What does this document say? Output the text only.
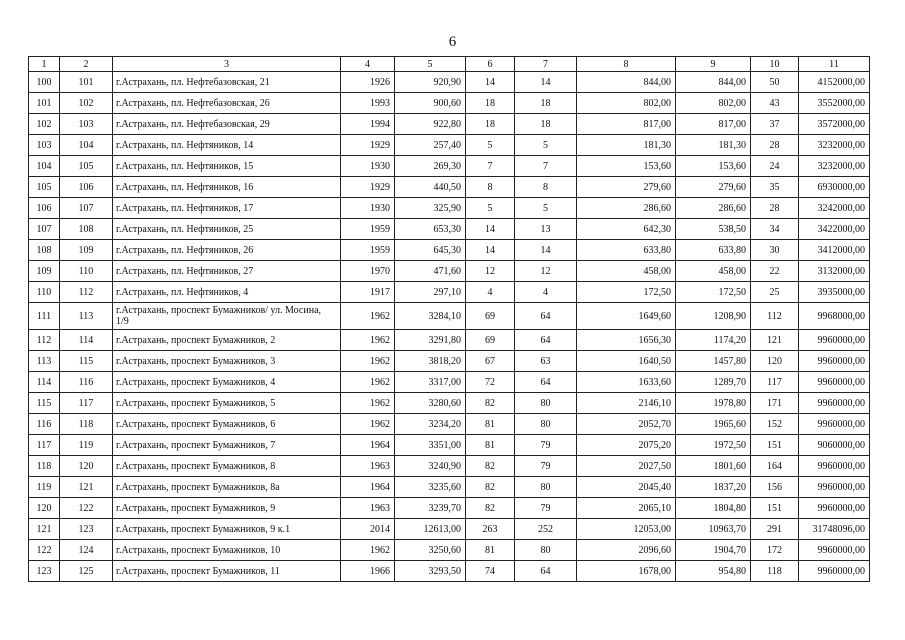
6
1	2	3	4	5	6	7	8	9	10	11
100	101	г.Астрахань, пл. Нефтебазовская, 21	1926	920,90	14	14	844,00	844,00	50	4152000,00
101	102	г.Астрахань, пл. Нефтебазовская, 26	1993	900,60	18	18	802,00	802,00	43	3552000,00
102	103	г.Астрахань, пл. Нефтебазовская, 29	1994	922,80	18	18	817,00	817,00	37	3572000,00
103	104	г.Астрахань, пл. Нефтяников, 14	1929	257,40	5	5	181,30	181,30	28	3232000,00
104	105	г.Астрахань, пл. Нефтяников, 15	1930	269,30	7	7	153,60	153,60	24	3232000,00
105	106	г.Астрахань, пл. Нефтяников, 16	1929	440,50	8	8	279,60	279,60	35	6930000,00
106	107	г.Астрахань, пл. Нефтяников, 17	1930	325,90	5	5	286,60	286,60	28	3242000,00
107	108	г.Астрахань, пл. Нефтяников, 25	1959	653,30	14	13	642,30	538,50	34	3422000,00
108	109	г.Астрахань, пл. Нефтяников, 26	1959	645,30	14	14	633,80	633,80	30	3412000,00
109	110	г.Астрахань, пл. Нефтяников, 27	1970	471,60	12	12	458,00	458,00	22	3132000,00
110	112	г.Астрахань, пл. Нефтяников, 4	1917	297,10	4	4	172,50	172,50	25	3935000,00
111	113	г.Астрахань, проспект Бумажников/ ул. Мосина, 1/9	1962	3284,10	69	64	1649,60	1208,90	112	9968000,00
112	114	г.Астрахань, проспект Бумажников, 2	1962	3291,80	69	64	1656,30	1174,20	121	9960000,00
113	115	г.Астрахань, проспект Бумажников, 3	1962	3818,20	67	63	1640,50	1457,80	120	9960000,00
114	116	г.Астрахань, проспект Бумажников, 4	1962	3317,00	72	64	1633,60	1289,70	117	9960000,00
115	117	г.Астрахань, проспект Бумажников, 5	1962	3280,60	82	80	2146,10	1978,80	171	9960000,00
116	118	г.Астрахань, проспект Бумажников, 6	1962	3234,20	81	80	2052,70	1965,60	152	9960000,00
117	119	г.Астрахань, проспект Бумажников, 7	1964	3351,00	81	79	2075,20	1972,50	151	9060000,00
118	120	г.Астрахань, проспект Бумажников, 8	1963	3240,90	82	79	2027,50	1801,60	164	9960000,00
119	121	г.Астрахань, проспект Бумажников, 8а	1964	3235,60	82	80	2045,40	1837,20	156	9960000,00
120	122	г.Астрахань, проспект Бумажников, 9	1963	3239,70	82	79	2065,10	1804,80	151	9960000,00
121	123	г.Астрахань, проспект Бумажников, 9 к.1	2014	12613,00	263	252	12053,00	10963,70	291	31748096,00
122	124	г.Астрахань, проспект Бумажников, 10	1962	3250,60	81	80	2096,60	1904,70	172	9960000,00
123	125	г.Астрахань, проспект Бумажников, 11	1966	3293,50	74	64	1678,00	954,80	118	9960000,00
